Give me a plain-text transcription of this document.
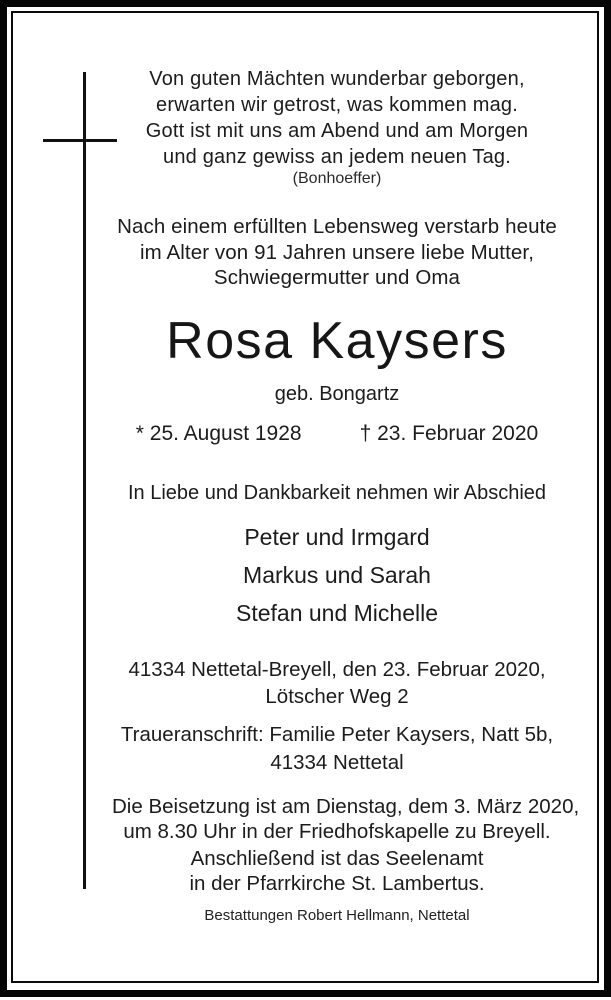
Von guten Mächten wunderbar geborgen,
erwarten wir getrost, was kommen mag.
Gott ist mit uns am Abend und am Morgen
und ganz gewiss an jedem neuen Tag.
(Bonhoeffer)
Nach einem erfüllten Lebensweg verstarb heute
im Alter von 91 Jahren unsere liebe Mutter,
Schwiegermutter und Oma
Rosa Kaysers
geb. Bongartz
* 25. August 1928	† 23. Februar 2020
In Liebe und Dankbarkeit nehmen wir Abschied
Peter und Irmgard
Markus und Sarah
Stefan und Michelle
41334 Nettetal-Breyell, den 23. Februar 2020,
Lötscher Weg 2
Traueranschrift: Familie Peter Kaysers, Natt 5b,
41334 Nettetal
Die Beisetzung ist am Dienstag, dem 3. März 2020,
um 8.30 Uhr in der Friedhofskapelle zu Breyell.
Anschließend ist das Seelenamt
in der Pfarrkirche St. Lambertus.
Bestattungen Robert Hellmann, Nettetal
